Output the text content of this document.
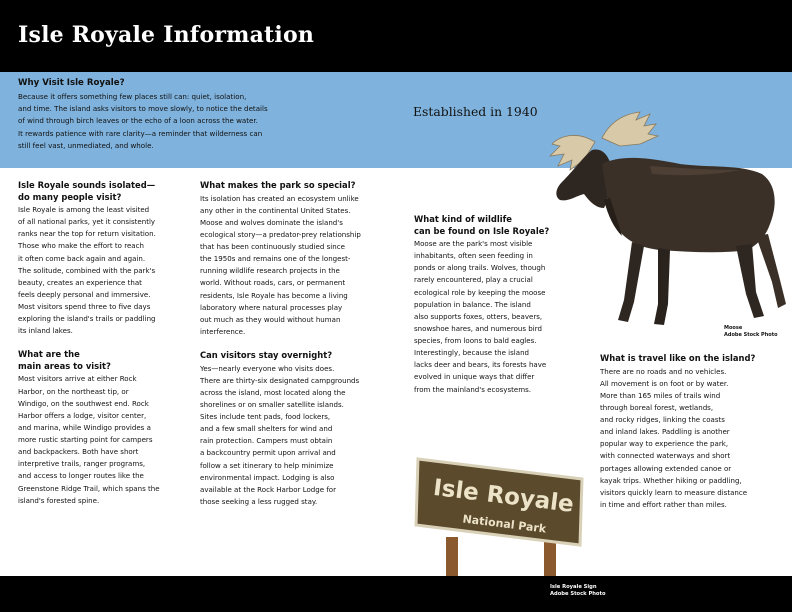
Isle Royale Information
Why Visit Isle Royale?
Because it offers something few places still can: quiet, isolation,
and time. The island asks visitors to move slowly, to notice the details
of wind through birch leaves or the echo of a loon across the water.
It rewards patience with rare clarity—a reminder that wilderness can
still feel vast, unmediated, and whole.
Established in 1940
Moose
Adobe Stock Photo
Isle Royale sounds isolated—
do many people visit?

Isle Royale is among the least visited
of all national parks, yet it consistently
ranks near the top for return visitation.
Those who make the effort to reach
it often come back again and again.
The solitude, combined with the park's
beauty, creates an experience that
feels deeply personal and immersive.
Most visitors spend three to five days
exploring the island's trails or paddling
its inland lakes.

What are the
main areas to visit?

Most visitors arrive at either Rock
Harbor, on the northeast tip, or
Windigo, on the southwest end. Rock
Harbor offers a lodge, visitor center,
and marina, while Windigo provides a
more rustic starting point for campers
and backpackers. Both have short
interpretive trails, ranger programs,
and access to longer routes like the
Greenstone Ridge Trail, which spans the
island's forested spine.

What makes the park so special?

Its isolation has created an ecosystem unlike
any other in the continental United States.
Moose and wolves dominate the island's
ecological story—a predator-prey relationship
that has been continuously studied since
the 1950s and remains one of the longest-
running wildlife research projects in the
world. Without roads, cars, or permanent
residents, Isle Royale has become a living
laboratory where natural processes play
out much as they would without human
interference.

Can visitors stay overnight?

Yes—nearly everyone who visits does.
There are thirty-six designated campgrounds
across the island, most located along the
shorelines or on smaller satellite islands.
Sites include tent pads, food lockers,
and a few small shelters for wind and
rain protection. Campers must obtain
a backcountry permit upon arrival and
follow a set itinerary to help minimize
environmental impact. Lodging is also
available at the Rock Harbor Lodge for
those seeking a less rugged stay.

What kind of wildlife
can be found on Isle Royale?

Moose are the park's most visible
inhabitants, often seen feeding in
ponds or along trails. Wolves, though
rarely encountered, play a crucial
ecological role by keeping the moose
population in balance. The island
also supports foxes, otters, beavers,
snowshoe hares, and numerous bird
species, from loons to bald eagles.
Interestingly, because the island
lacks deer and bears, its forests have
evolved in unique ways that differ
from the mainland's ecosystems.

What is travel like on the island?

There are no roads and no vehicles.
All movement is on foot or by water.
More than 165 miles of trails wind
through boreal forest, wetlands,
and rocky ridges, linking the coasts
and inland lakes. Paddling is another
popular way to experience the park,
with connected waterways and short
portages allowing extended canoe or
kayak trips. Whether hiking or paddling,
visitors quickly learn to measure distance
in time and effort rather than miles.

Isle Royale
National Park
Isle Royale Sign
Adobe Stock Photo
